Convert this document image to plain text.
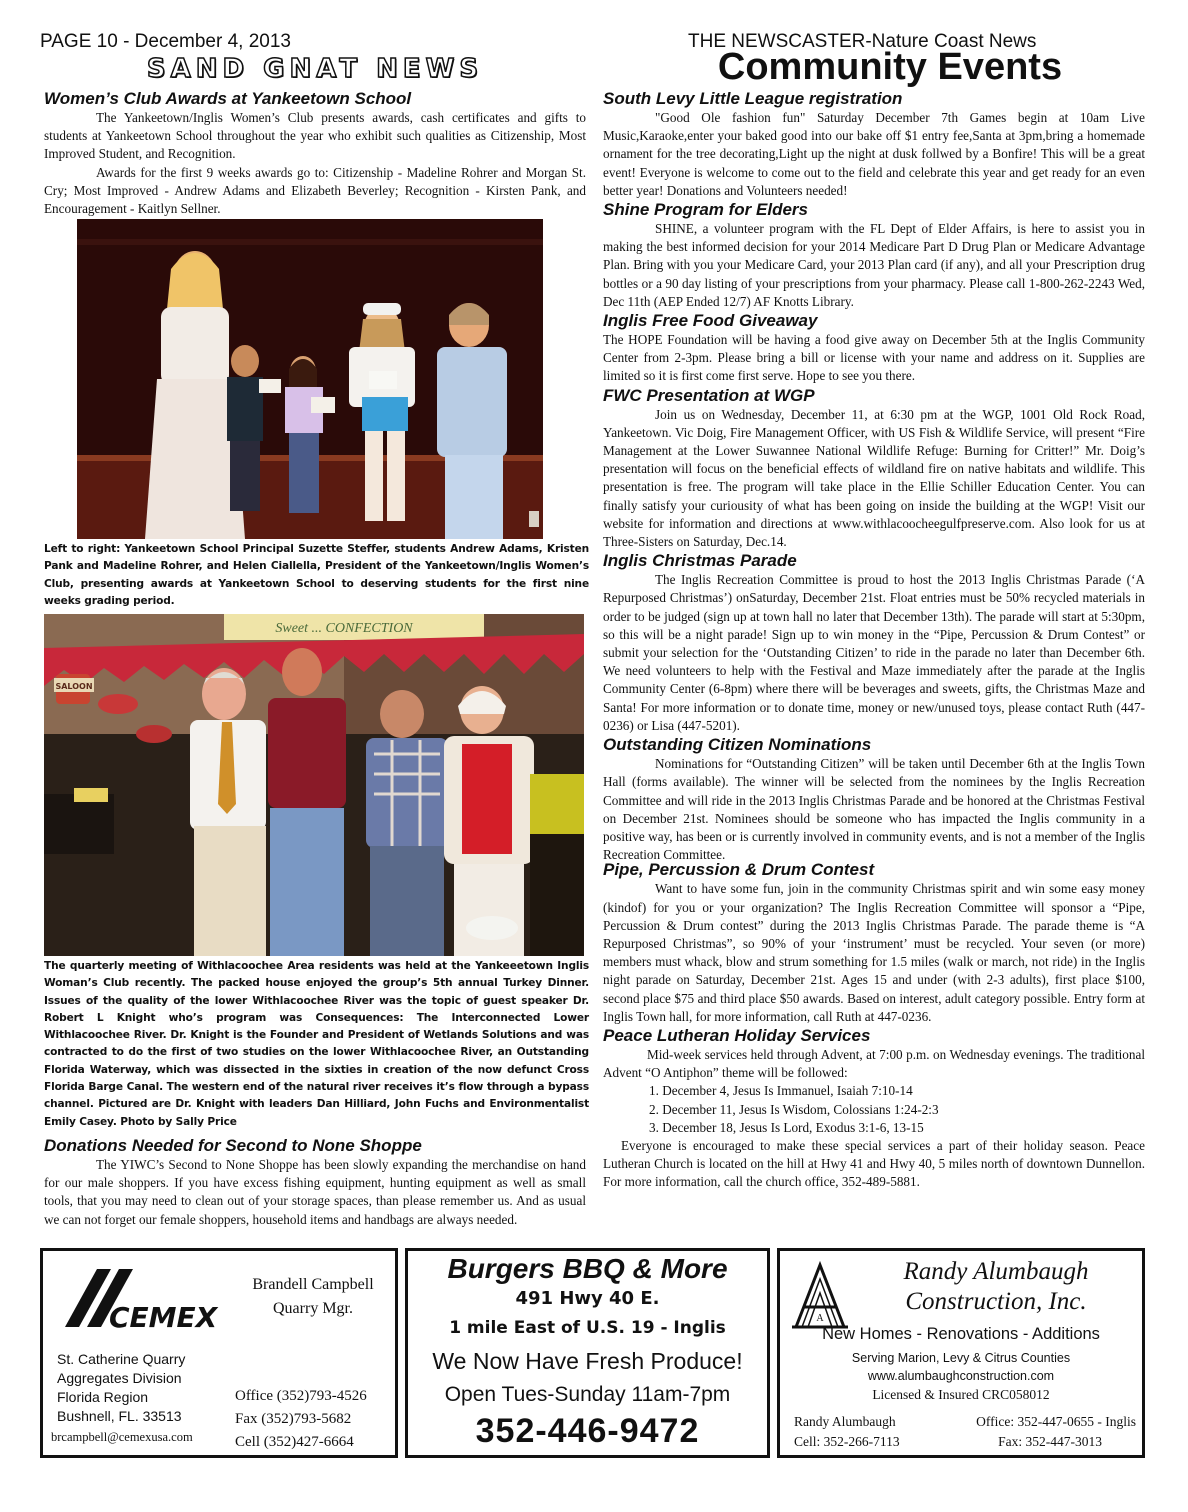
PAGE 10 - December 4, 2013	THE NEWSCASTER-Nature Coast News
SAND GNAT NEWS	Community Events
Women’s Club Awards at Yankeetown School

The Yankeetown/Inglis Women’s Club presents awards, cash certificates and gifts to students at Yankeetown School throughout the year who exhibit such qualities as Citizenship, Most Improved Student, and Recognition.

Awards for the first 9 weeks awards go to: Citizenship - Madeline Rohrer and Morgan St. Cry; Most Improved - Andrew Adams and Elizabeth Beverley; Recognition - Kirsten Pank, and Encouragement - Kaitlyn Sellner.

Left to right: Yankeetown School Principal Suzette Steffer, students Andrew Adams, Kristen Pank and Madeline Rohrer, and Helen Ciallella, President of the Yankeetown/Inglis Women’s Club, presenting awards at Yankeetown School to deserving students for the first nine weeks grading period.
Sweet ... CONFECTION
SALOON
The quarterly meeting of Withlacoochee Area residents was held at the Yankeeetown Inglis Woman’s Club recently. The packed house enjoyed the group’s 5th annual Turkey Dinner. Issues of the quality of the lower Withlacoochee River was the topic of guest speaker Dr. Robert L Knight who’s program was Consequences: The Interconnected Lower Withlacoochee River. Dr. Knight is the Founder and President of Wetlands Solutions and was contracted to do the first of two studies on the lower Withlacoochee River, an Outstanding Florida Waterway, which was dissected in the sixties in creation of the now defunct Cross Florida Barge Canal. The western end of the natural river receives it’s flow through a bypass channel. Pictured are Dr. Knight with leaders Dan Hilliard, John Fuchs and Environmentalist Emily Casey. Photo by Sally Price
Donations Needed for Second to None Shoppe

The YIWC’s Second to None Shoppe has been slowly expanding the merchandise on hand for our male shoppers. If you have excess fishing equipment, hunting equipment as well as small tools, that you may need to clean out of your storage spaces, than please remember us. And as usual we can not forget our female shoppers, household items and handbags are always needed.

South Levy Little League registration

"Good Ole fashion fun" Saturday December 7th Games begin at 10am Live Music,Karaoke,enter your baked good into our bake off $1 entry fee,Santa at 3pm,bring a homemade ornament for the tree decorating,Light up the night at dusk follwed by a Bonfire! This will be a great event! Everyone is welcome to come out to the field and celebrate this year and get ready for an even better year! Donations and Volunteers needed!

Shine Program for Elders

SHINE, a volunteer program with the FL Dept of Elder Affairs, is here to assist you in making the best informed decision for your 2014 Medicare Part D Drug Plan or Medicare Advantage Plan. Bring with you your Medicare Card, your 2013 Plan card (if any), and all your Prescription drug bottles or a 90 day listing of your prescriptions from your pharmacy. Please call 1-800-262-2243 Wed, Dec 11th (AEP Ended 12/7) AF Knotts Library.

Inglis Free Food Giveaway

The HOPE Foundation will be having a food give away on December 5th at the Inglis Community Center from 2-3pm. Please bring a bill or license with your name and address on it. Supplies are limited so it is first come first serve. Hope to see you there.

FWC Presentation at WGP

Join us on Wednesday, December 11, at 6:30 pm at the WGP, 1001 Old Rock Road, Yankeetown. Vic Doig, Fire Management Officer, with US Fish & Wildlife Service, will present “Fire Management at the Lower Suwannee National Wildlife Refuge: Burning for Critter!” Mr. Doig’s presentation will focus on the beneficial effects of wildland fire on native habitats and wildlife. This presentation is free. The program will take place in the Ellie Schiller Education Center. You can finally satisfy your curiousity of what has been going on inside the building at the WGP! Visit our website for information and directions at www.withlacoocheegulfpreserve.com. Also look for us at Three-Sisters on Saturday, Dec.14.

Inglis Christmas Parade

The Inglis Recreation Committee is proud to host the 2013 Inglis Christmas Parade (‘A Repurposed Christmas’) onSaturday, December 21st. Float entries must be 50% recycled materials in order to be judged (sign up at town hall no later that December 13th). The parade will start at 5:30pm, so this will be a night parade! Sign up to win money in the “Pipe, Percussion & Drum Contest” or submit your selection for the ‘Outstanding Citizen’ to ride in the parade no later than December 6th. We need volunteers to help with the Festival and Maze immediately after the parade at the Inglis Community Center (6-8pm) where there will be beverages and sweets, gifts, the Christmas Maze and Santa! For more information or to donate time, money or new/unused toys, please contact Ruth (447-0236) or Lisa (447-5201).

Outstanding Citizen Nominations

Nominations for “Outstanding Citizen” will be taken until December 6th at the Inglis Town Hall (forms available). The winner will be selected from the nominees by the Inglis Recreation Committee and will ride in the 2013 Inglis Christmas Parade and be honored at the Christmas Festival on December 21st. Nominees should be someone who has impacted the Inglis community in a positive way, has been or is currently involved in community events, and is not a member of the Inglis Recreation Committee.

Pipe, Percussion & Drum Contest

Want to have some fun, join in the community Christmas spirit and win some easy money (kindof) for you or your organization? The Inglis Recreation Committee will sponsor a “Pipe, Percussion & Drum contest” during the 2013 Inglis Christmas Parade. The parade theme is “A Repurposed Christmas”, so 90% of your ‘instrument’ must be recycled. Your seven (or more) members must whack, blow and strum something for 1.5 miles (walk or march, not ride) in the Inglis night parade on Saturday, December 21st. Ages 15 and under (with 2-3 adults), first place $100, second place $75 and third place $50 awards. Based on interest, adult category possible. Entry form at Inglis Town hall, for more information, call Ruth at 447-0236.

Peace Lutheran Holiday Services

Mid-week services held through Advent, at 7:00 p.m. on Wednesday evenings. The traditional Advent “O Antiphon” theme will be followed:

1. December 4, Jesus Is Immanuel, Isaiah 7:10-14
2. December 11, Jesus Is Wisdom, Colossians 1:24-2:3
3. December 18, Jesus Is Lord, Exodus 3:1-6, 13-15

Everyone is encouraged to make these special services a part of their holiday season. Peace Lutheran Church is located on the hill at Hwy 41 and Hwy 40, 5 miles north of downtown Dunnellon. For more information, call the church office, 352-489-5881.

CEMEX
Brandell Campbell
Quarry Mgr.
St. Catherine Quarry
Aggregates Division
Florida Region
Bushnell, FL. 33513
brcampbell@cemexusa.com
Office (352)793-4526
Fax (352)793-5682
Cell (352)427-6664
Burgers BBQ & More
491 Hwy 40 E.
1 mile East of U.S. 19 - Inglis
We Now Have Fresh Produce!
Open Tues-Sunday 11am-7pm
352-446-9472
A
Randy Alumbaugh
Construction, Inc.
New Homes - Renovations - Additions
Serving Marion, Levy & Citrus Counties
www.alumbaughconstruction.com
Licensed & Insured CRC058012
Randy Alumbaugh
Cell: 352-266-7113
Office: 352-447-0655 - Inglis
Fax: 352-447-3013
